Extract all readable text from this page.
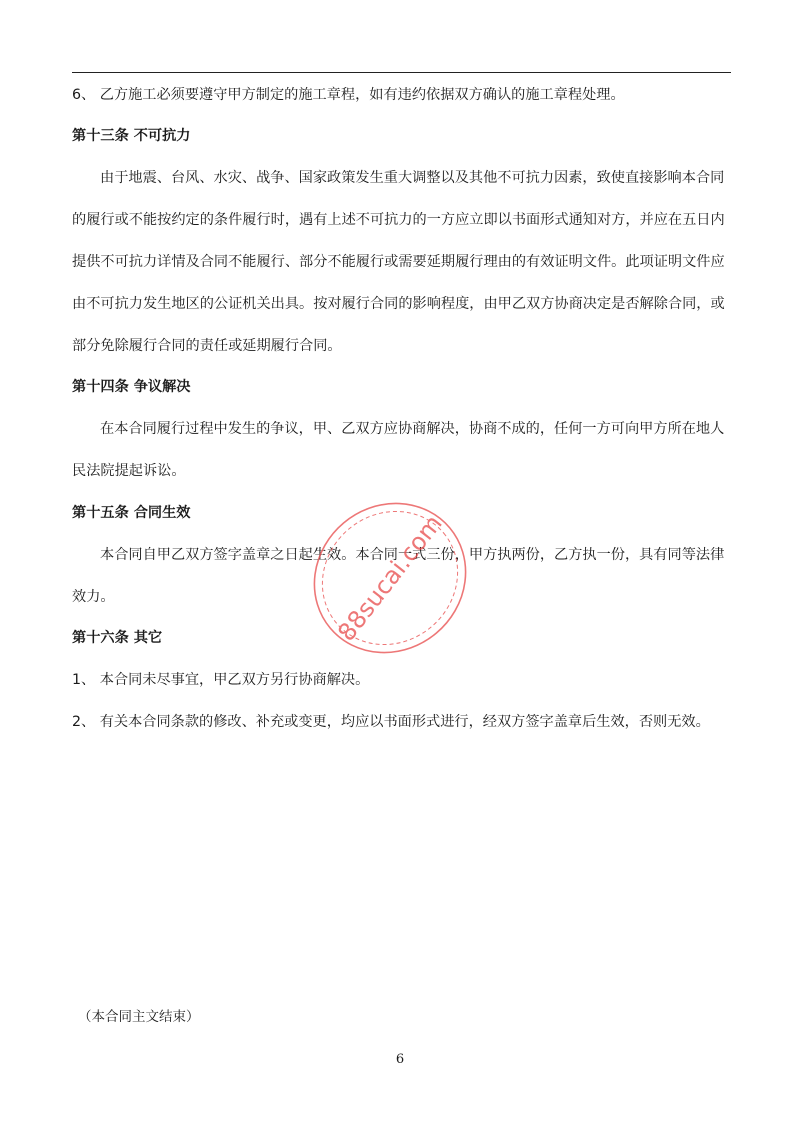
6、 乙方施工必须要遵守甲方制定的施工章程，如有违约依据双方确认的施工章程处理。
第十三条 不可抗力
由于地震、台风、水灾、战争、国家政策发生重大调整以及其他不可抗力因素，致使直接影响本合同
的履行或不能按约定的条件履行时，遇有上述不可抗力的一方应立即以书面形式通知对方，并应在五日内
提供不可抗力详情及合同不能履行、部分不能履行或需要延期履行理由的有效证明文件。此项证明文件应
由不可抗力发生地区的公证机关出具。按对履行合同的影响程度，由甲乙双方协商决定是否解除合同，或
部分免除履行合同的责任或延期履行合同。
第十四条 争议解决
在本合同履行过程中发生的争议，甲、乙双方应协商解决，协商不成的，任何一方可向甲方所在地人
民法院提起诉讼。
第十五条 合同生效
本合同自甲乙双方签字盖章之日起生效。本合同一式三份，甲方执两份，乙方执一份，具有同等法律
效力。
第十六条 其它
1、 本合同未尽事宜，甲乙双方另行协商解决。
2、 有关本合同条款的修改、补充或变更，均应以书面形式进行，经双方签字盖章后生效，否则无效。
88sucai.com
（本合同主文结束）
6
